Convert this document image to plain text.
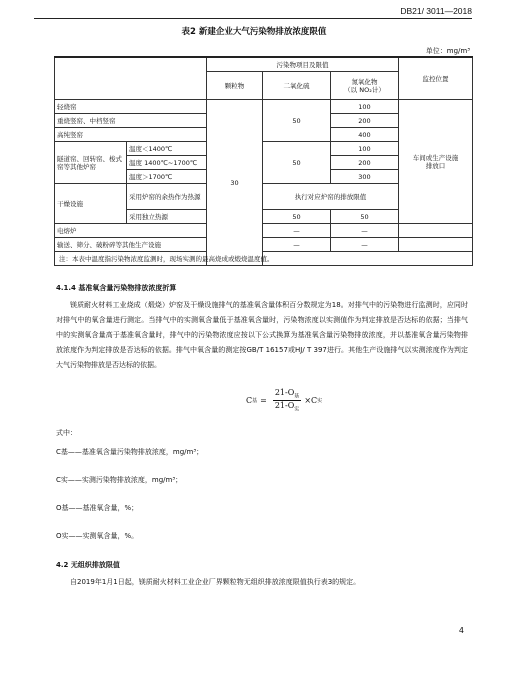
DB21/ 3011—2018
表2 新建企业大气污染物排放浓度限值
单位：mg/m³
		污染物项目及限值			监控位置
		颗粒物	二氧化硫	氮氧化物
（以 NO₂计）	
轻烧窑		30	50	100	车间或生产设施
排放口
重烧竖窑、中档竖窑				200	
高纯竖窑				400	
隧道窑、回转窑、梭式窑等其他炉窑	温度＜1400℃		50	100	
	温度 1400℃~1700℃			200	
	温度＞1700℃			300	
干燥设施	采用炉窑的余热作为热源		执行对应炉窑的排放限值		
	采用独立热源		50	50	
电熔炉			—	—	
输送、筛分、破粉碎等其他生产设施			—	—	
注：本表中温度指污染物浓度监测时，现场实测的最高烧成或煅烧温度值。					
4.1.4 基准氧含量污染物排放浓度折算
镁质耐火材料工业烧成（煅烧）炉窑及干燥设施排气的基准氧含量体积百分数规定为18。对排气中的污染物进行监测时，应同时对排气中的氧含量进行测定。当排气中的实测氧含量低于基准氧含量时，污染物浓度以实测值作为判定排放是否达标的依据；当排气中的实测氧含量高于基准氧含量时，排气中的污染物浓度应按以下公式换算为基准氧含量污染物排放浓度，并以基准氧含量污染物排放浓度作为判定排放是否达标的依据。排气中氧含量的测定按GB/T 16157或HJ/ T 397进行。其他生产设施排气以实测浓度作为判定大气污染物排放是否达标的依据。
C 基 = $\frac{21-O_基}{21-O_实} \times C$ 实
式中：
C基——基准氧含量污染物排放浓度，mg/m³；
C实——实测污染物排放浓度，mg/m³；
O基——基准氧含量，%；
O实——实测氧含量，%。
4.2 无组织排放限值
自2019年1月1日起，镁质耐火材料工业企业厂界颗粒物无组织排放浓度限值执行表3的规定。
4
